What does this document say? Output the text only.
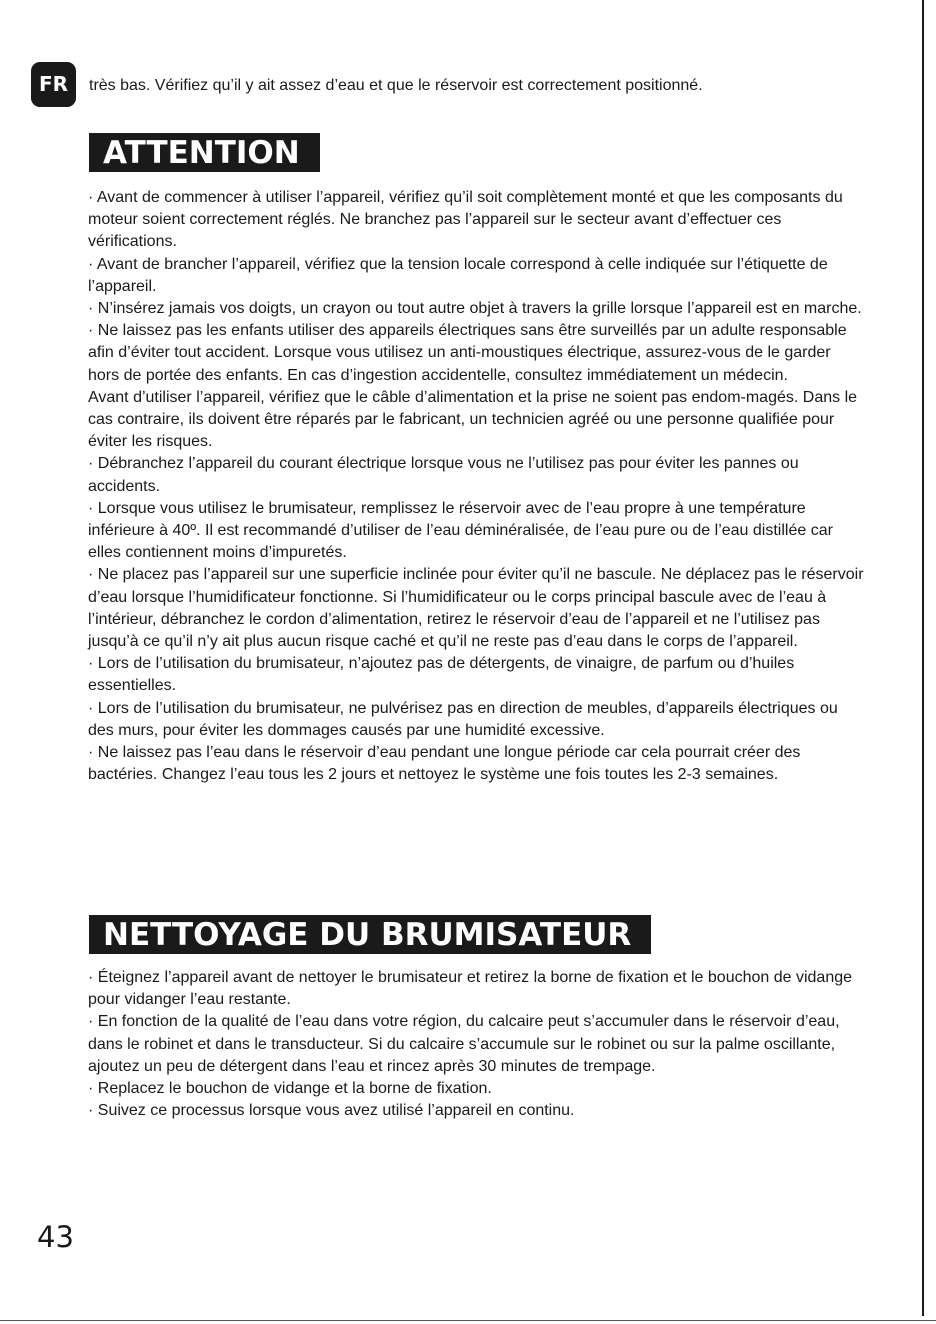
FR	très bas. Vérifiez qu’il y ait assez d’eau et que le réservoir est correctement positionné.
ATTENTION

· Avant de commencer à utiliser l’appareil, vérifiez qu’il soit complètement monté et que les composants du moteur soient correctement réglés. Ne branchez pas l’appareil sur le secteur avant d’effectuer ces vérifications.

· Avant de brancher l’appareil, vérifiez que la tension locale correspond à celle indiquée sur l’étiquette de l’appareil.

· N’insérez jamais vos doigts, un crayon ou tout autre objet à travers la grille lorsque l’appareil est en marche.

· Ne laissez pas les enfants utiliser des appareils électriques sans être surveillés par un adulte responsable afin d’éviter tout accident. Lorsque vous utilisez un anti-moustiques électrique, assurez-vous de le garder hors de portée des enfants. En cas d’ingestion accidentelle, consultez immédiatement un médecin.

Avant d’utiliser l’appareil, vérifiez que le câble d’alimentation et la prise ne soient pas endom-magés. Dans le cas contraire, ils doivent être réparés par le fabricant, un technicien agréé ou une personne qualifiée pour éviter les risques.

· Débranchez l’appareil du courant électrique lorsque vous ne l’utilisez pas pour éviter les pannes ou accidents.

· Lorsque vous utilisez le brumisateur, remplissez le réservoir avec de l’eau propre à une température inférieure à 40º. Il est recommandé d’utiliser de l’eau déminéralisée, de l’eau pure ou de l’eau distillée car elles contiennent moins d’impuretés.

· Ne placez pas l’appareil sur une superficie inclinée pour éviter qu’il ne bascule. Ne déplacez pas le réservoir d’eau lorsque l’humidificateur fonctionne. Si l’humidificateur ou le corps principal bascule avec de l’eau à l’intérieur, débranchez le cordon d’alimentation, retirez le réservoir d’eau de l’appareil et ne l’utilisez pas jusqu’à ce qu’il n’y ait plus aucun risque caché et qu’il ne reste pas d’eau dans le corps de l’appareil.

· Lors de l’utilisation du brumisateur, n’ajoutez pas de détergents, de vinaigre, de parfum ou d’huiles essentielles.

· Lors de l’utilisation du brumisateur, ne pulvérisez pas en direction de meubles, d’appareils électriques ou des murs, pour éviter les dommages causés par une humidité excessive.

· Ne laissez pas l’eau dans le réservoir d’eau pendant une longue période car cela pourrait créer des bactéries. Changez l’eau tous les 2 jours et nettoyez le système une fois toutes les 2-3 semaines.

NETTOYAGE DU BRUMISATEUR

· Éteignez l’appareil avant de nettoyer le brumisateur et retirez la borne de fixation et le bouchon de vidange pour vidanger l’eau restante.

· En fonction de la qualité de l’eau dans votre région, du calcaire peut s’accumuler dans le réservoir d’eau, dans le robinet et dans le transducteur. Si du calcaire s’accumule sur le robinet ou sur la palme oscillante, ajoutez un peu de détergent dans l’eau et rincez après 30 minutes de trempage.

· Replacez le bouchon de vidange et la borne de fixation.

· Suivez ce processus lorsque vous avez utilisé l’appareil en continu.

43
